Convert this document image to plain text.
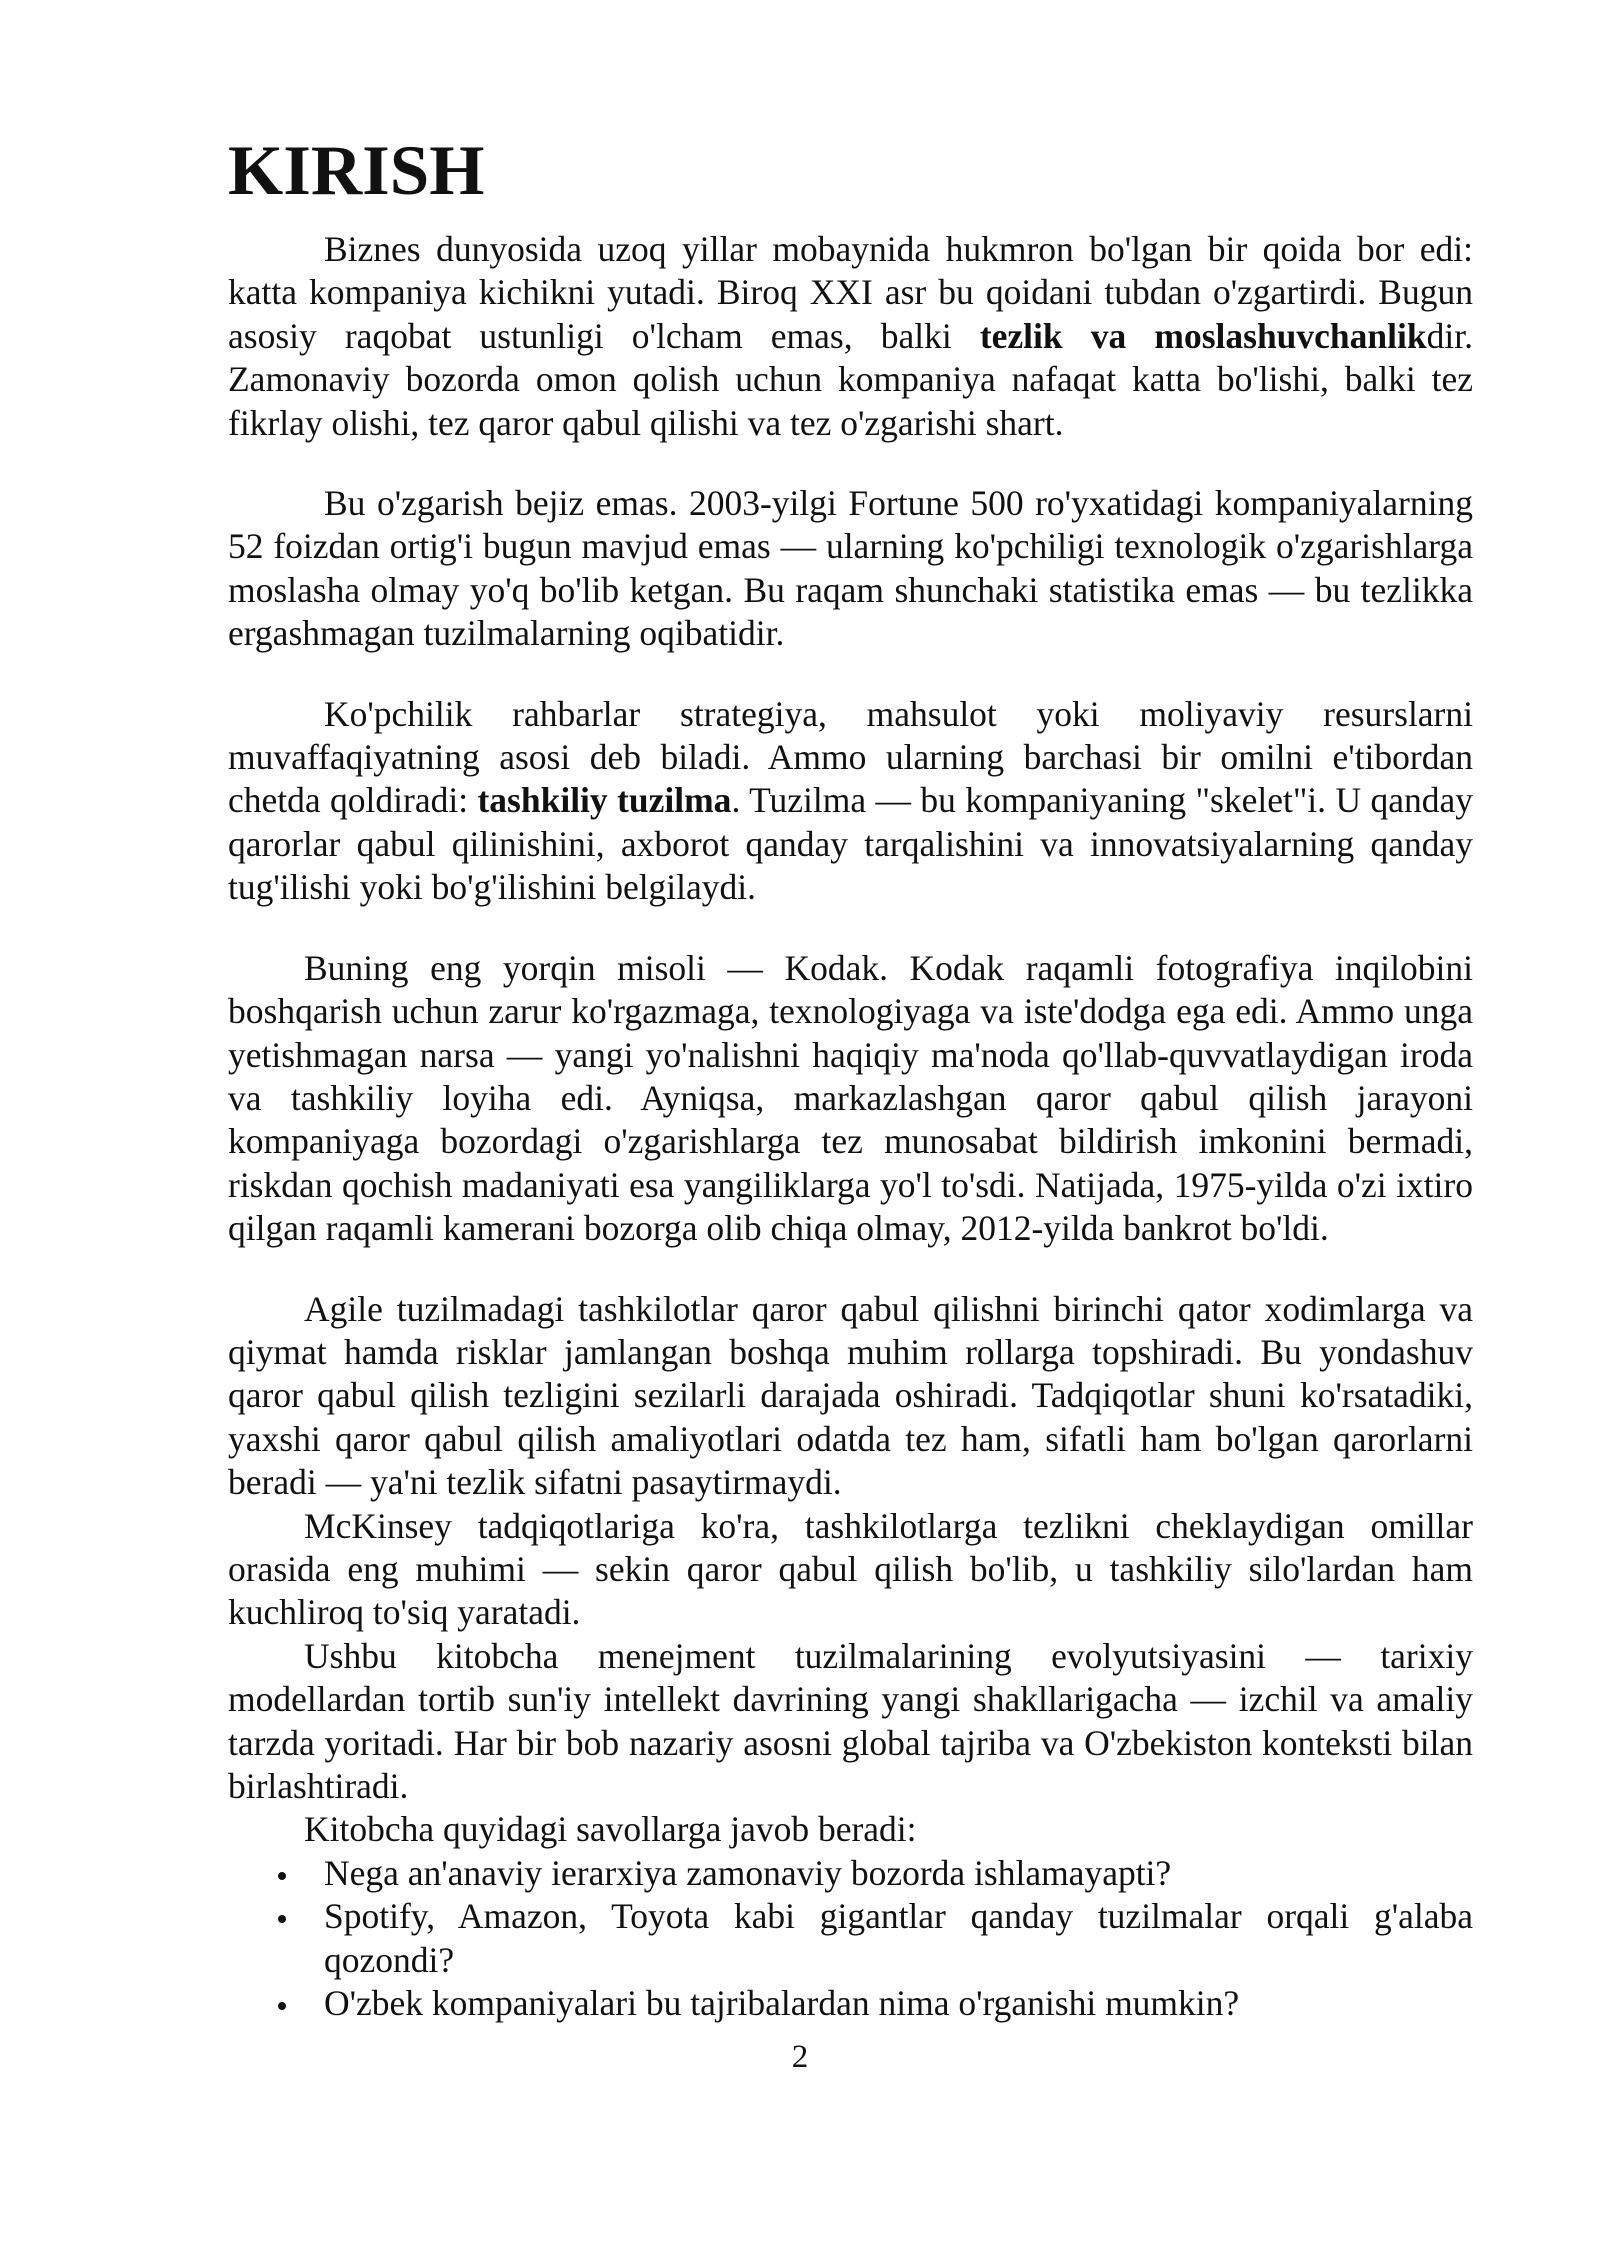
KIRISH

Biznes dunyosida uzoq yillar mobaynida hukmron bo'lgan bir qoida bor edi: katta kompaniya kichikni yutadi. Biroq XXI asr bu qoidani tubdan o'zgartirdi. Bugun asosiy raqobat ustunligi o'lcham emas, balki tezlik va moslashuvchanlikdir. Zamonaviy bozorda omon qolish uchun kompaniya nafaqat katta bo'lishi, balki tez fikrlay olishi, tez qaror qabul qilishi va tez o'zgarishi shart.

Bu o'zgarish bejiz emas. 2003-yilgi Fortune 500 ro'yxatidagi kompaniyalarning 52 foizdan ortig'i bugun mavjud emas — ularning ko'pchiligi texnologik o'zgarishlarga moslasha olmay yo'q bo'lib ketgan. Bu raqam shunchaki statistika emas — bu tezlikka ergashmagan tuzilmalarning oqibatidir.

Ko'pchilik rahbarlar strategiya, mahsulot yoki moliyaviy resurslarni muvaffaqiyatning asosi deb biladi. Ammo ularning barchasi bir omilni e'tibordan chetda qoldiradi: tashkiliy tuzilma. Tuzilma — bu kompaniyaning "skelet"i. U qanday qarorlar qabul qilinishini, axborot qanday tarqalishini va innovatsiyalarning qanday tug'ilishi yoki bo'g'ilishini belgilaydi.

Buning eng yorqin misoli — Kodak. Kodak raqamli fotografiya inqilobini boshqarish uchun zarur ko'rgazmaga, texnologiyaga va iste'dodga ega edi. Ammo unga yetishmagan narsa — yangi yo'nalishni haqiqiy ma'noda qo'llab-quvvatlaydigan iroda va tashkiliy loyiha edi. Ayniqsa, markazlashgan qaror qabul qilish jarayoni kompaniyaga bozordagi o'zgarishlarga tez munosabat bildirish imkonini bermadi, riskdan qochish madaniyati esa yangiliklarga yo'l to'sdi. Natijada, 1975-yilda o'zi ixtiro qilgan raqamli kamerani bozorga olib chiqa olmay, 2012-yilda bankrot bo'ldi.

Agile tuzilmadagi tashkilotlar qaror qabul qilishni birinchi qator xodimlarga va qiymat hamda risklar jamlangan boshqa muhim rollarga topshiradi. Bu yondashuv qaror qabul qilish tezligini sezilarli darajada oshiradi. Tadqiqotlar shuni ko'rsatadiki, yaxshi qaror qabul qilish amaliyotlari odatda tez ham, sifatli ham bo'lgan qarorlarni beradi — ya'ni tezlik sifatni pasaytirmaydi.

McKinsey tadqiqotlariga ko'ra, tashkilotlarga tezlikni cheklaydigan omillar orasida eng muhimi — sekin qaror qabul qilish bo'lib, u tashkiliy silo'lardan ham kuchliroq to'siq yaratadi.

Ushbu kitobcha menejment tuzilmalarining evolyutsiyasini — tarixiy modellardan tortib sun'iy intellekt davrining yangi shakllarigacha — izchil va amaliy tarzda yoritadi. Har bir bob nazariy asosni global tajriba va O'zbekiston konteksti bilan birlashtiradi.

Kitobcha quyidagi savollarga javob beradi:

Nega an'anaviy ierarxiya zamonaviy bozorda ishlamayapti?
Spotify, Amazon, Toyota kabi gigantlar qanday tuzilmalar orqali g'alaba qozondi?
O'zbek kompaniyalari bu tajribalardan nima o'rganishi mumkin?
2
